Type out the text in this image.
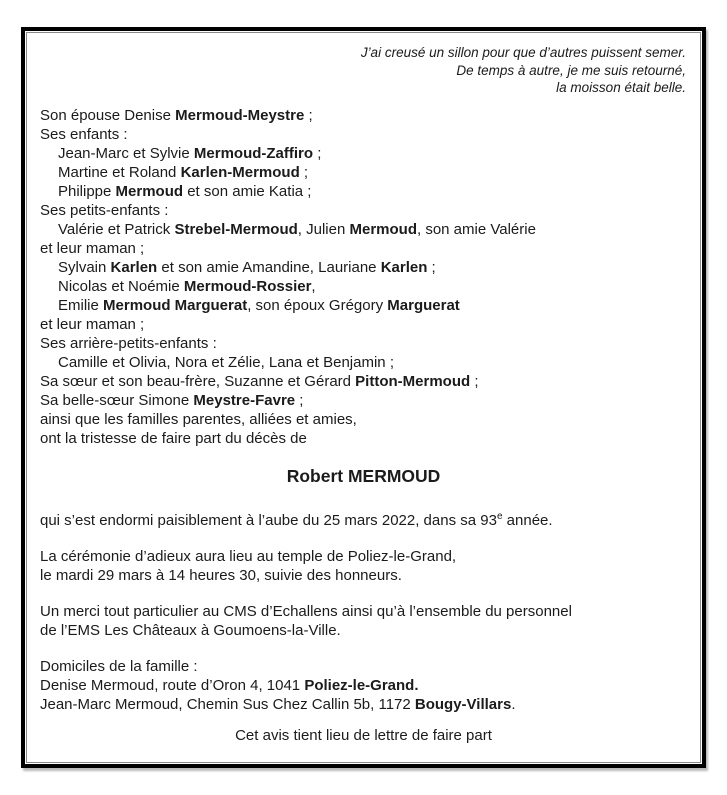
J’ai creusé un sillon pour que d’autres puissent semer.
De temps à autre, je me suis retourné,
la moisson était belle.
Son épouse Denise Mermoud-Meystre ;
Ses enfants :
Jean-Marc et Sylvie Mermoud-Zaffiro ;
Martine et Roland Karlen-Mermoud ;
Philippe Mermoud et son amie Katia ;
Ses petits-enfants :
Valérie et Patrick Strebel-Mermoud, Julien Mermoud, son amie Valérie
et leur maman ;
Sylvain Karlen et son amie Amandine, Lauriane Karlen ;
Nicolas et Noémie Mermoud-Rossier,
Emilie Mermoud Marguerat, son époux Grégory Marguerat
et leur maman ;
Ses arrière-petits-enfants :
Camille et Olivia, Nora et Zélie, Lana et Benjamin ;
Sa sœur et son beau-frère, Suzanne et Gérard Pitton-Mermoud ;
Sa belle-sœur Simone Meystre-Favre ;
ainsi que les familles parentes, alliées et amies,
ont la tristesse de faire part du décès de
Robert MERMOUD
qui s’est endormi paisiblement à l’aube du 25 mars 2022, dans sa 93e année.
La cérémonie d’adieux aura lieu au temple de Poliez-le-Grand,
le mardi 29 mars à 14 heures 30, suivie des honneurs.
Un merci tout particulier au CMS d’Echallens ainsi qu’à l’ensemble du personnel
de l’EMS Les Châteaux à Goumoens-la-Ville.
Domiciles de la famille :
Denise Mermoud, route d’Oron 4, 1041 Poliez-le-Grand.
Jean-Marc Mermoud, Chemin Sus Chez Callin 5b, 1172 Bougy-Villars.
Cet avis tient lieu de lettre de faire part
